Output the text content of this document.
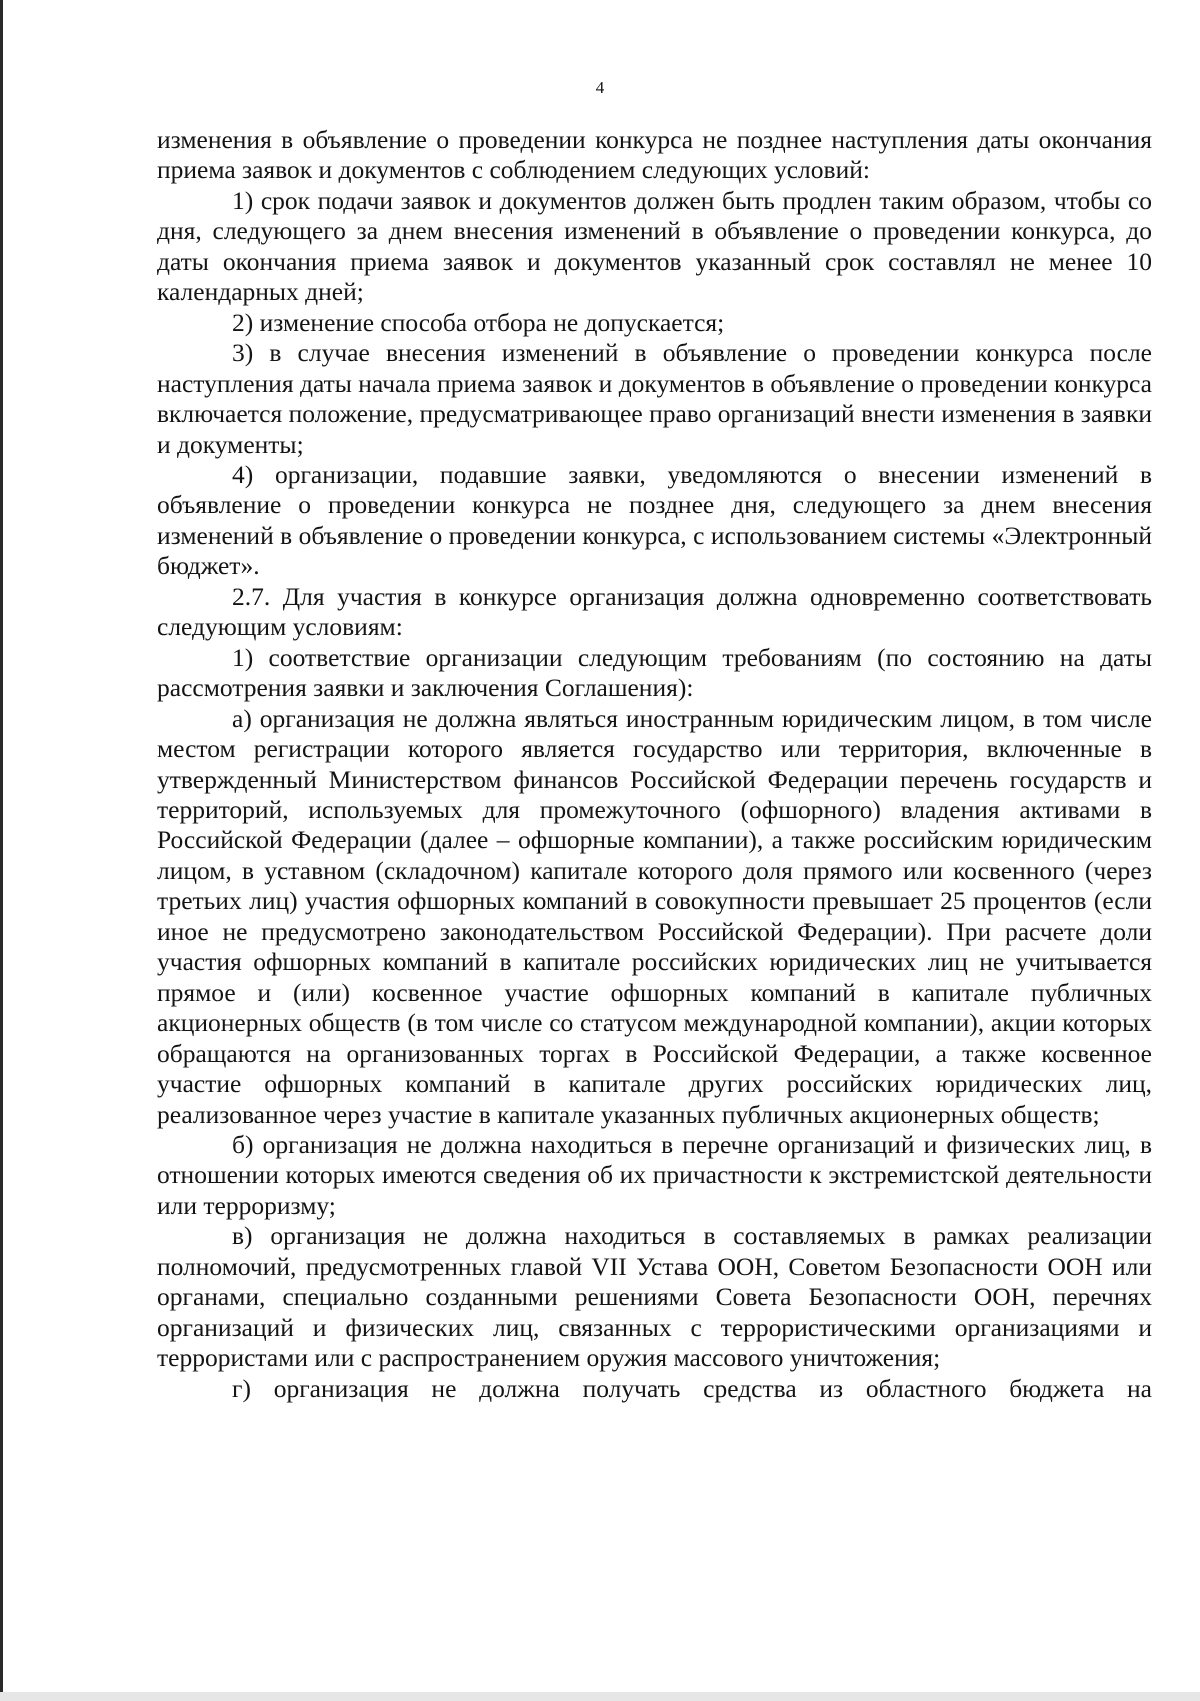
4

изменения в объявление о проведении конкурса не позднее наступления даты окончания приема заявок и документов с соблюдением следующих условий:

1) срок подачи заявок и документов должен быть продлен таким образом, чтобы со дня, следующего за днем внесения изменений в объявление о проведении конкурса, до даты окончания приема заявок и документов указанный срок составлял не менее 10 календарных дней;

2) изменение способа отбора не допускается;

3) в случае внесения изменений в объявление о проведении конкурса после наступления даты начала приема заявок и документов в объявление о проведении конкурса включается положение, предусматривающее право организаций внести изменения в заявки и документы;

4) организации, подавшие заявки, уведомляются о внесении изменений в объявление о проведении конкурса не позднее дня, следующего за днем внесения изменений в объявление о проведении конкурса, с использованием системы «Электронный бюджет».

2.7. Для участия в конкурсе организация должна одновременно соответствовать следующим условиям:

1) соответствие организации следующим требованиям (по состоянию на даты рассмотрения заявки и заключения Соглашения):

а) организация не должна являться иностранным юридическим лицом, в том числе местом регистрации которого является государство или территория, включенные в утвержденный Министерством финансов Российской Федерации перечень государств и территорий, используемых для промежуточного (офшорного) владения активами в Российской Федерации (далее – офшорные компании), а также российским юридическим лицом, в уставном (складочном) капитале которого доля прямого или косвенного (через третьих лиц) участия офшорных компаний в совокупности превышает 25 процентов (если иное не предусмотрено законодательством Российской Федерации). При расчете доли участия офшорных компаний в капитале российских юридических лиц не учитывается прямое и (или) косвенное участие офшорных компаний в капитале публичных акционерных обществ (в том числе со статусом международной компании), акции которых обращаются на организованных торгах в Российской Федерации, а также косвенное участие офшорных компаний в капитале других российских юридических лиц, реализованное через участие в капитале указанных публичных акционерных обществ;

б) организация не должна находиться в перечне организаций и физических лиц, в отношении которых имеются сведения об их причастности к экстремистской деятельности или терроризму;

в) организация не должна находиться в составляемых в рамках реализации полномочий, предусмотренных главой VII Устава ООН, Советом Безопасности ООН или органами, специально созданными решениями Совета Безопасности ООН, перечнях организаций и физических лиц, связанных с террористическими организациями и террористами или с распространением оружия массового уничтожения;

г) организация не должна получать средства из областного бюджета на
